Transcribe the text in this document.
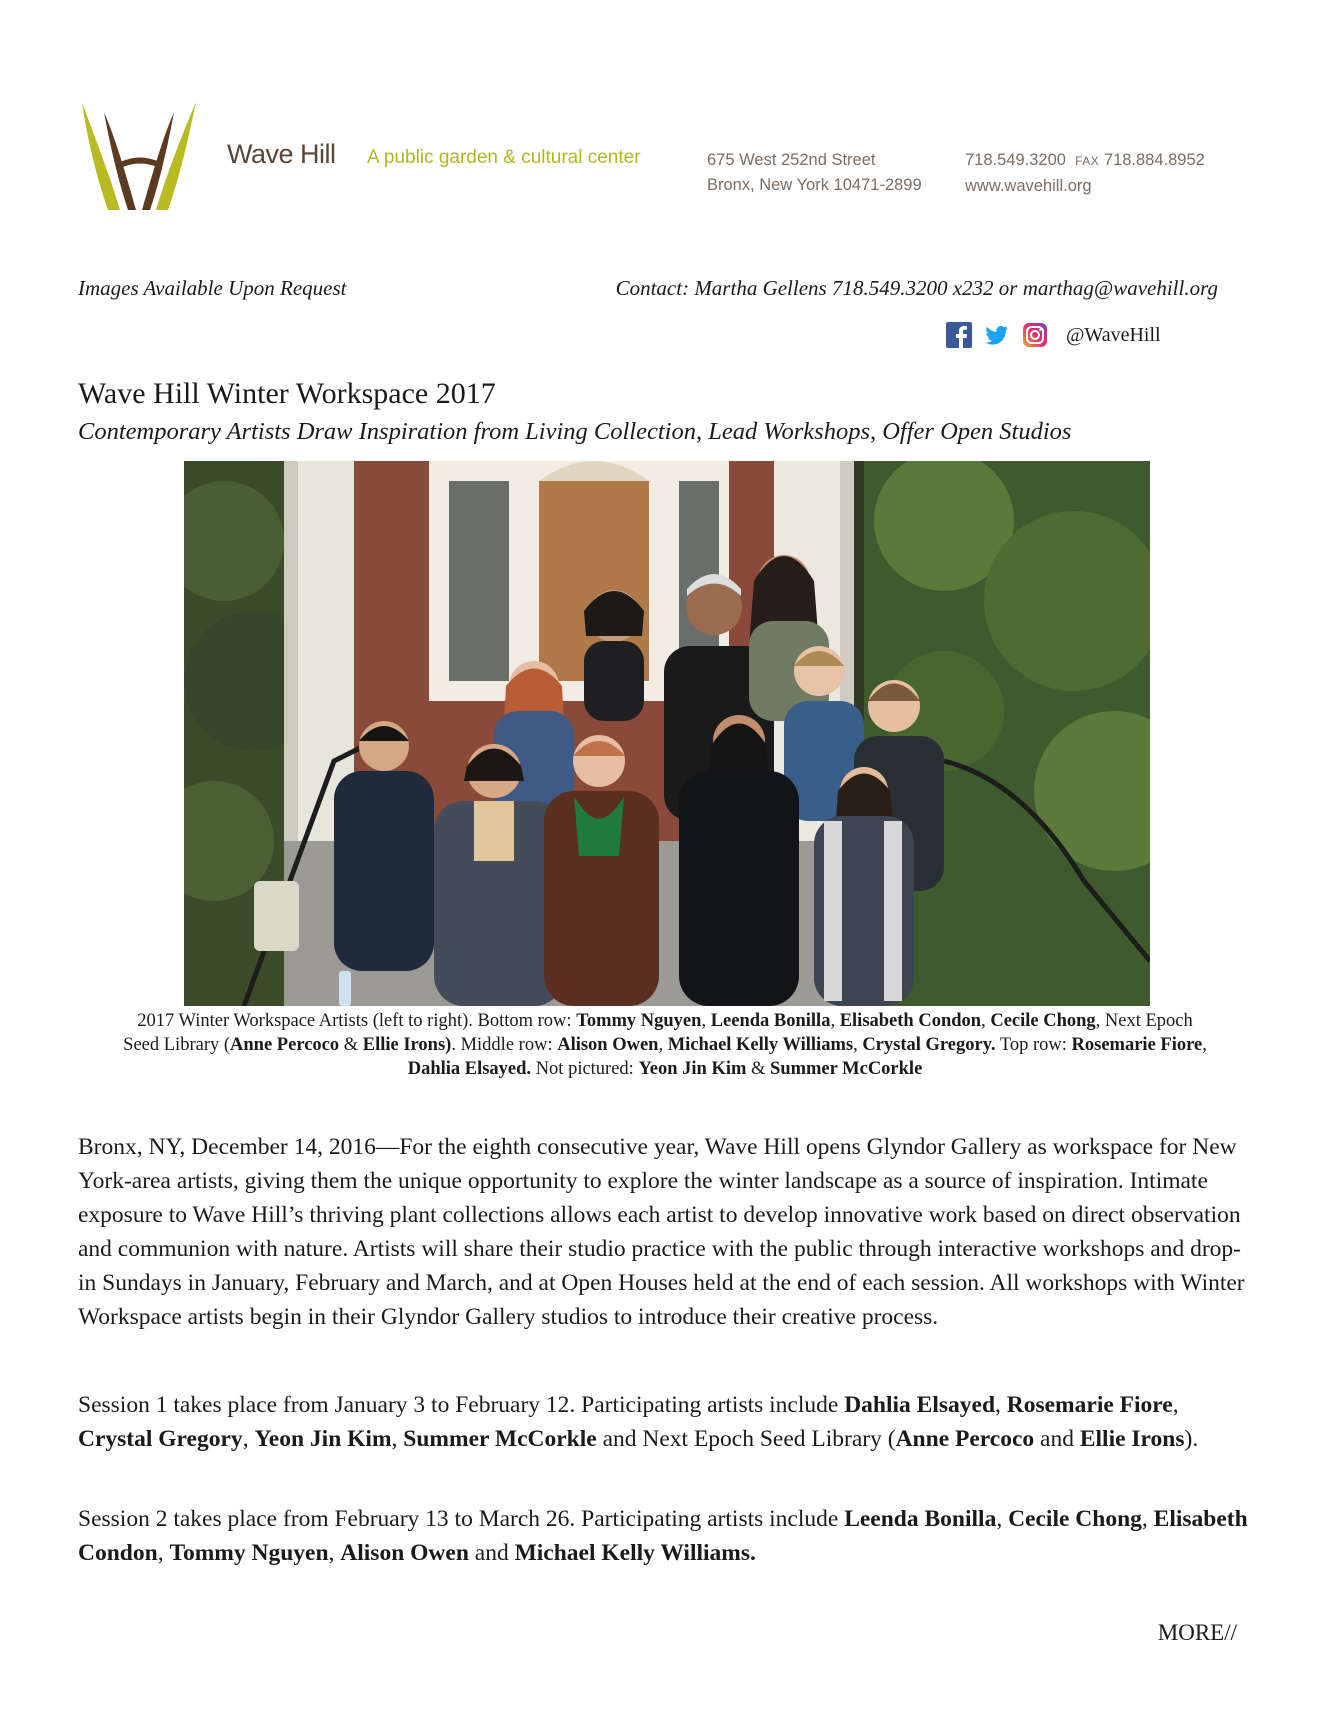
Wave Hill A public garden & cultural center	675 West 252nd Street
Bronx, New York 10471-2899
718.549.3200 FAX 718.884.8952
www.wavehill.org
Images Available Upon Request	Contact: Martha Gellens 718.549.3200 x232 or marthag@wavehill.org
@WaveHill
Wave Hill Winter Workspace 2017

Contemporary Artists Draw Inspiration from Living Collection, Lead Workshops, Offer Open Studios

2017 Winter Workspace Artists (left to right). Bottom row: Tommy Nguyen, Leenda Bonilla, Elisabeth Condon, Cecile Chong, Next Epoch Seed Library (Anne Percoco & Ellie Irons). Middle row: Alison Owen, Michael Kelly Williams, Crystal Gregory. Top row: Rosemarie Fiore, Dahlia Elsayed. Not pictured: Yeon Jin Kim & Summer McCorkle

Bronx, NY, December 14, 2016—For the eighth consecutive year, Wave Hill opens Glyndor Gallery as workspace for New York-area artists, giving them the unique opportunity to explore the winter landscape as a source of inspiration. Intimate exposure to Wave Hill’s thriving plant collections allows each artist to develop innovative work based on direct observation and communion with nature. Artists will share their studio practice with the public through interactive workshops and drop-in Sundays in January, February and March, and at Open Houses held at the end of each session. All workshops with Winter Workspace artists begin in their Glyndor Gallery studios to introduce their creative process.

Session 1 takes place from January 3 to February 12. Participating artists include Dahlia Elsayed, Rosemarie Fiore, Crystal Gregory, Yeon Jin Kim, Summer McCorkle and Next Epoch Seed Library (Anne Percoco and Ellie Irons).

Session 2 takes place from February 13 to March 26. Participating artists include Leenda Bonilla, Cecile Chong, Elisabeth Condon, Tommy Nguyen, Alison Owen and Michael Kelly Williams.

MORE//
